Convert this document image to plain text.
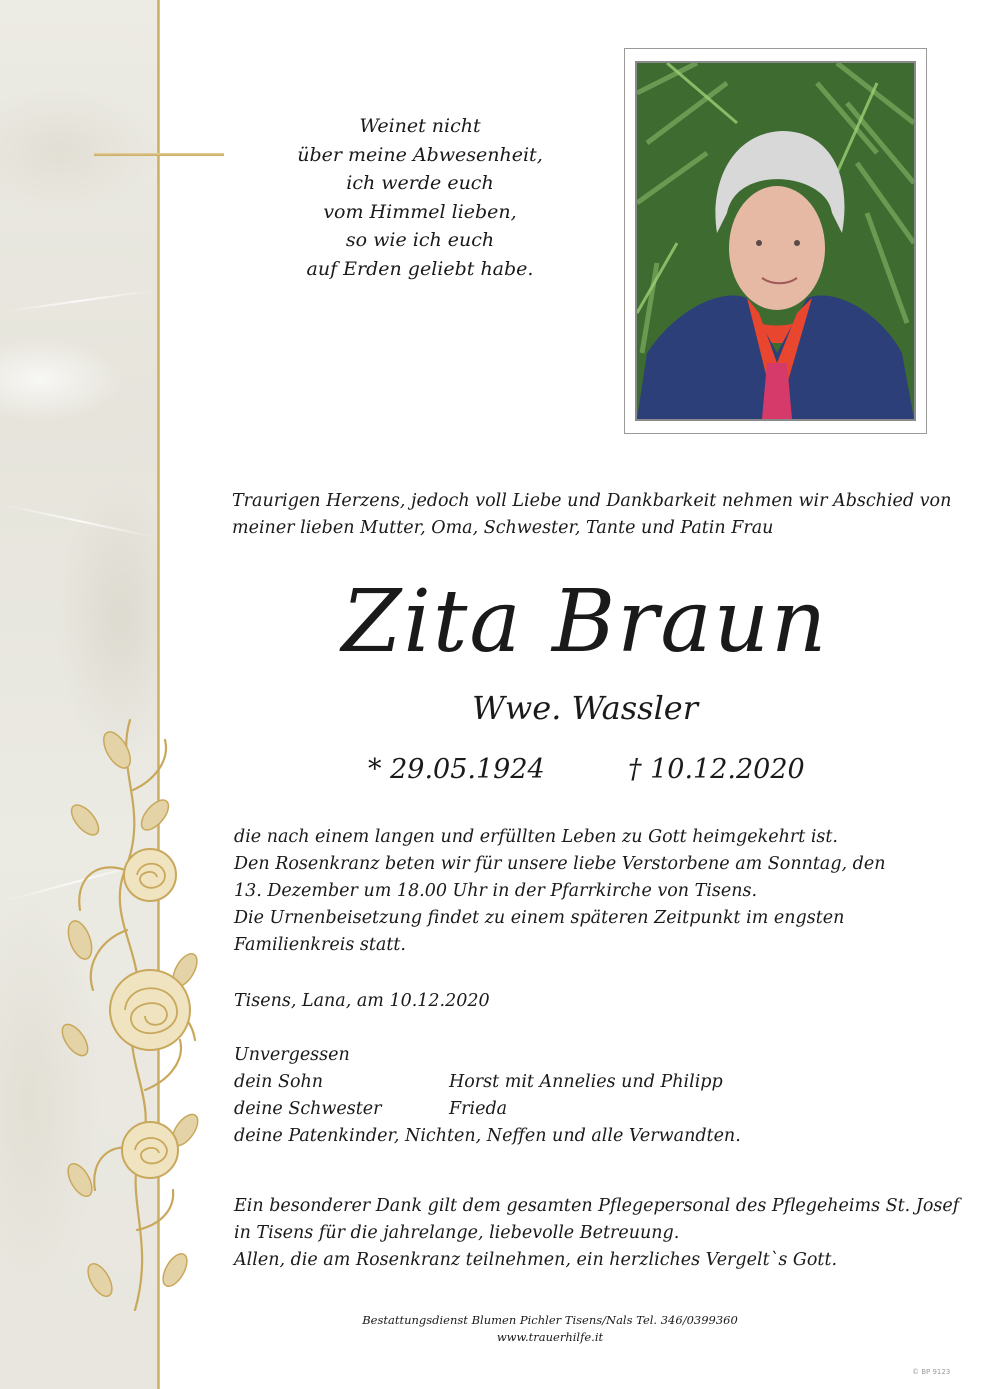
Weinet nicht
über meine Abwesenheit,
ich werde euch
vom Himmel lieben,
so wie ich euch
auf Erden geliebt habe.
Traurigen Herzens, jedoch voll Liebe und Dankbarkeit nehmen wir Abschied von
meiner lieben Mutter, Oma, Schwester, Tante und Patin Frau
Zita Braun
Wwe. Wassler
* 29.05.1924	† 10.12.2020
die nach einem langen und erfüllten Leben zu Gott heimgekehrt ist.
Den Rosenkranz beten wir für unsere liebe Verstorbene am Sonntag, den
13. Dezember um 18.00 Uhr in der Pfarrkirche von Tisens.
Die Urnenbeisetzung findet zu einem späteren Zeitpunkt im engsten
Familienkreis statt.
Tisens, Lana, am 10.12.2020
Unvergessen
dein Sohn	Horst mit Annelies und Philipp
deine Schwester	Frieda
deine Patenkinder, Nichten, Neffen und alle Verwandten.
Ein besonderer Dank gilt dem gesamten Pflegepersonal des Pflegeheims St. Josef
in Tisens für die jahrelange, liebevolle Betreuung.
Allen, die am Rosenkranz teilnehmen, ein herzliches Vergelt`s Gott.
Bestattungsdienst Blumen Pichler Tisens/Nals Tel. 346/0399360
www.trauerhilfe.it
© BP 9123
